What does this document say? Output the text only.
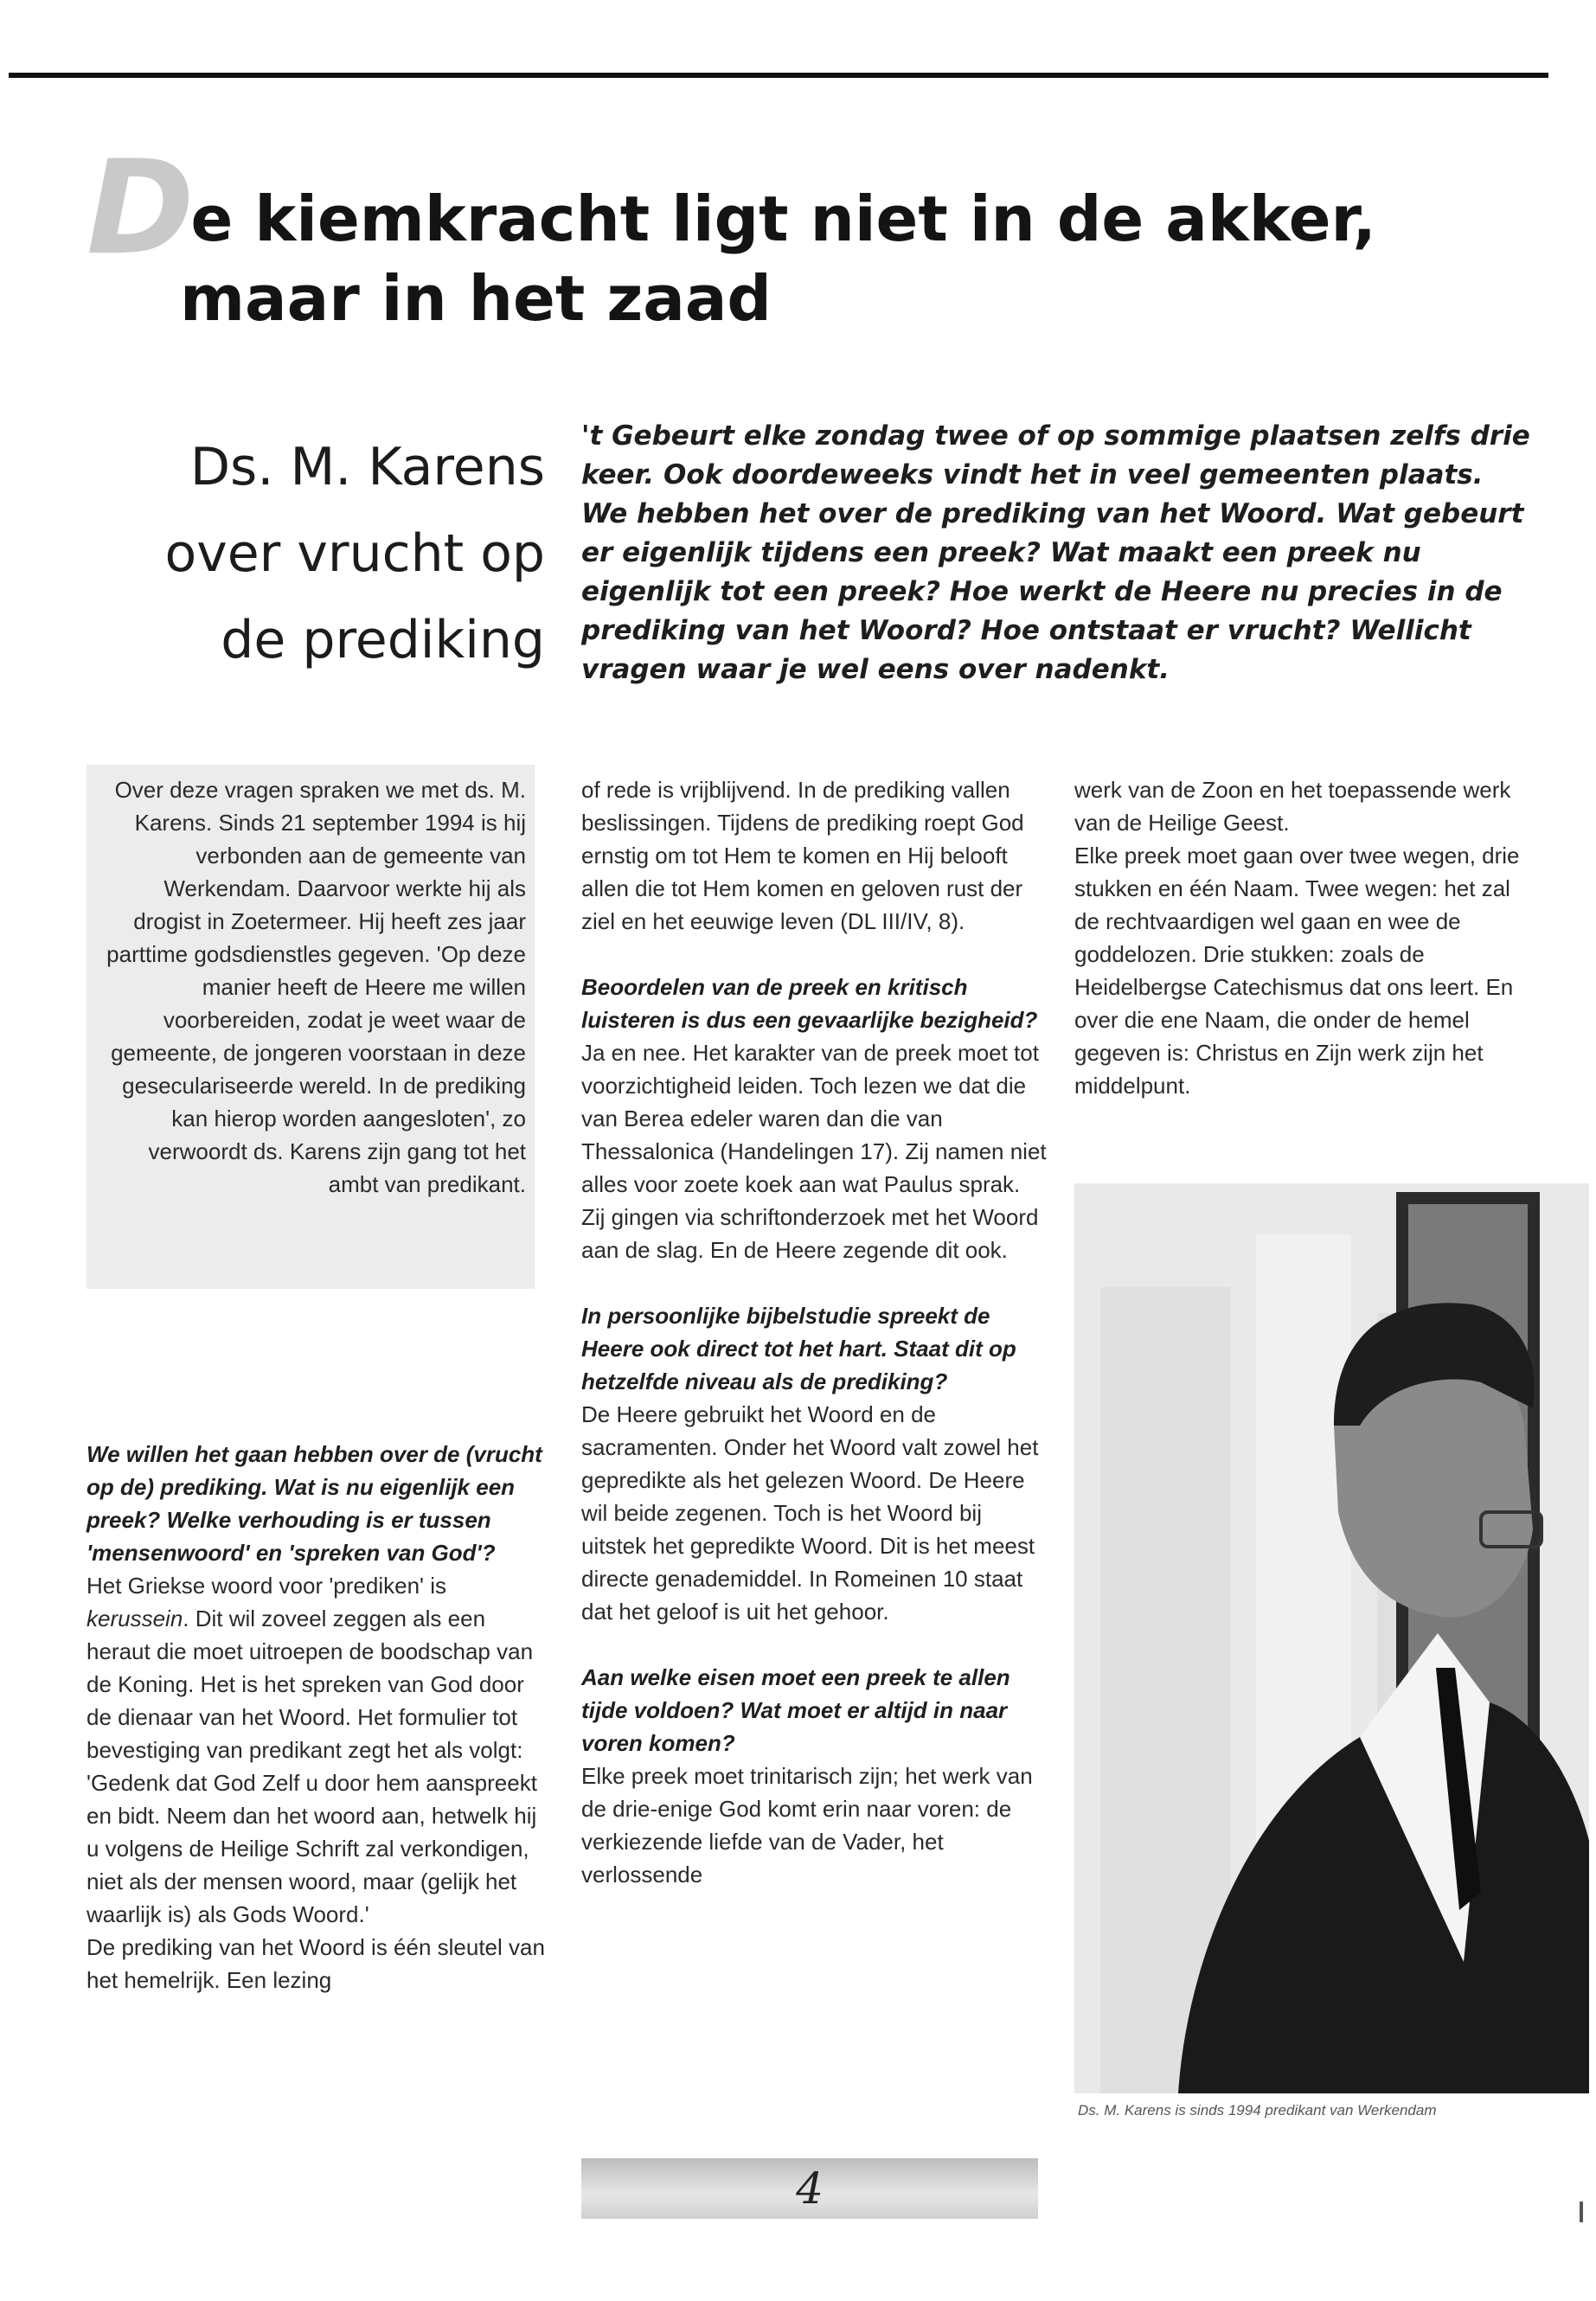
De kiemkracht ligt niet in de akker,
maar in het zaad
Ds. M. Karens
over vrucht op
de prediking
't Gebeurt elke zondag twee of op sommige plaatsen zelfs drie keer. Ook doordeweeks vindt het in veel gemeenten plaats. We hebben het over de prediking van het Woord. Wat gebeurt er eigenlijk tijdens een preek? Wat maakt een preek nu eigenlijk tot een preek? Hoe werkt de Heere nu precies in de prediking van het Woord? Hoe ontstaat er vrucht? Wellicht vragen waar je wel eens over nadenkt.
Over deze vragen spraken we met ds. M. Karens. Sinds 21 september 1994 is hij verbonden aan de gemeente van Werkendam. Daarvoor werkte hij als drogist in Zoetermeer. Hij heeft zes jaar parttime godsdienstles gegeven. 'Op deze manier heeft de Heere me willen voorbereiden, zodat je weet waar de gemeente, de jongeren voorstaan in deze geseculariseerde wereld. In de prediking kan hierop worden aangesloten', zo verwoordt ds. Karens zijn gang tot het ambt van predikant.

We willen het gaan hebben over de (vrucht op de) prediking. Wat is nu eigenlijk een preek? Welke verhouding is er tussen 'mensenwoord' en 'spreken van God'?

Het Griekse woord voor 'prediken' is kerussein. Dit wil zoveel zeggen als een heraut die moet uitroepen de boodschap van de Koning. Het is het spreken van God door de dienaar van het Woord. Het formulier tot bevestiging van predikant zegt het als volgt: 'Gedenk dat God Zelf u door hem aanspreekt en bidt. Neem dan het woord aan, hetwelk hij u volgens de Heilige Schrift zal verkondigen, niet als der mensen woord, maar (gelijk het waarlijk is) als Gods Woord.'

De prediking van het Woord is één sleutel van het hemelrijk. Een lezing

of rede is vrijblijvend. In de prediking vallen beslissingen. Tijdens de prediking roept God ernstig om tot Hem te komen en Hij belooft allen die tot Hem komen en geloven rust der ziel en het eeuwige leven (DL III/IV, 8).

Beoordelen van de preek en kritisch luisteren is dus een gevaarlijke bezigheid?

Ja en nee. Het karakter van de preek moet tot voorzichtigheid leiden. Toch lezen we dat die van Berea edeler waren dan die van Thessalonica (Handelingen 17). Zij namen niet alles voor zoete koek aan wat Paulus sprak. Zij gingen via schriftonderzoek met het Woord aan de slag. En de Heere zegende dit ook.

In persoonlijke bijbelstudie spreekt de Heere ook direct tot het hart. Staat dit op hetzelfde niveau als de prediking?

De Heere gebruikt het Woord en de sacramenten. Onder het Woord valt zowel het gepredikte als het gelezen Woord. De Heere wil beide zegenen. Toch is het Woord bij uitstek het gepredikte Woord. Dit is het meest directe genademiddel. In Romeinen 10 staat dat het geloof is uit het gehoor.

Aan welke eisen moet een preek te allen tijde voldoen? Wat moet er altijd in naar voren komen?

Elke preek moet trinitarisch zijn; het werk van de drie-enige God komt erin naar voren: de verkiezende liefde van de Vader, het verlossende

werk van de Zoon en het toepassende werk van de Heilige Geest.

Elke preek moet gaan over twee wegen, drie stukken en één Naam. Twee wegen: het zal de rechtvaardigen wel gaan en wee de goddelozen. Drie stukken: zoals de Heidelbergse Catechismus dat ons leert. En over die ene Naam, die onder de hemel gegeven is: Christus en Zijn werk zijn het middelpunt.

Ds. M. Karens is sinds 1994 predikant van Werkendam
4
